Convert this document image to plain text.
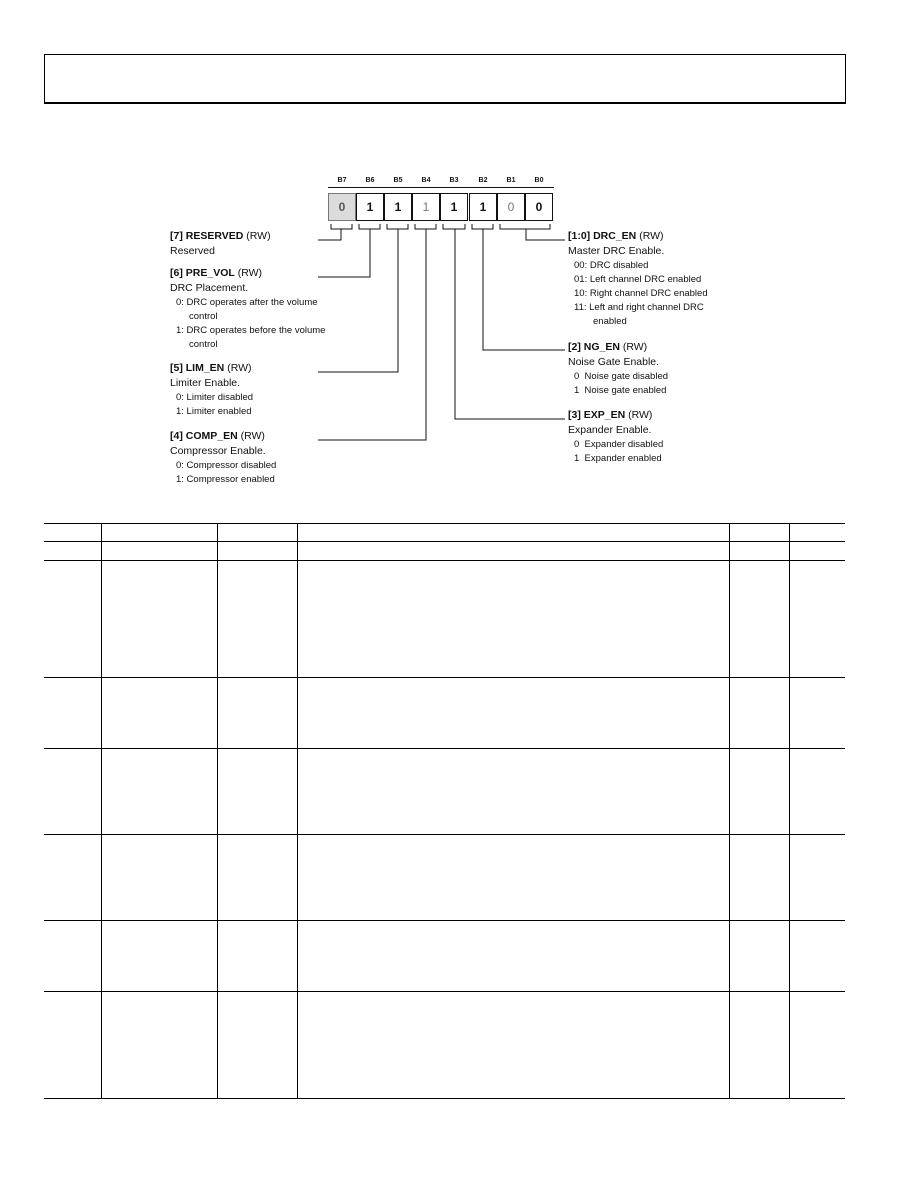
B7	B6	B5	B4	B3	B2	B1	B0
0	1	1	1	1	1	0	0
[7] RESERVED (RW)
Reserved
[6] PRE_VOL (RW)
DRC Placement.
0: DRC operates after the volume
control
1: DRC operates before the volume
control
[5] LIM_EN (RW)
Limiter Enable.
0: Limiter disabled
1: Limiter enabled
[4] COMP_EN (RW)
Compressor Enable.
0: Compressor disabled
1: Compressor enabled
[1:0] DRC_EN (RW)
Master DRC Enable.
00: DRC disabled
01: Left channel DRC enabled
10: Right channel DRC enabled
11: Left and right channel DRC
enabled
[2] NG_EN (RW)
Noise Gate Enable.
0  Noise gate disabled
1  Noise gate enabled
[3] EXP_EN (RW)
Expander Enable.
0  Expander disabled
1  Expander enabled
